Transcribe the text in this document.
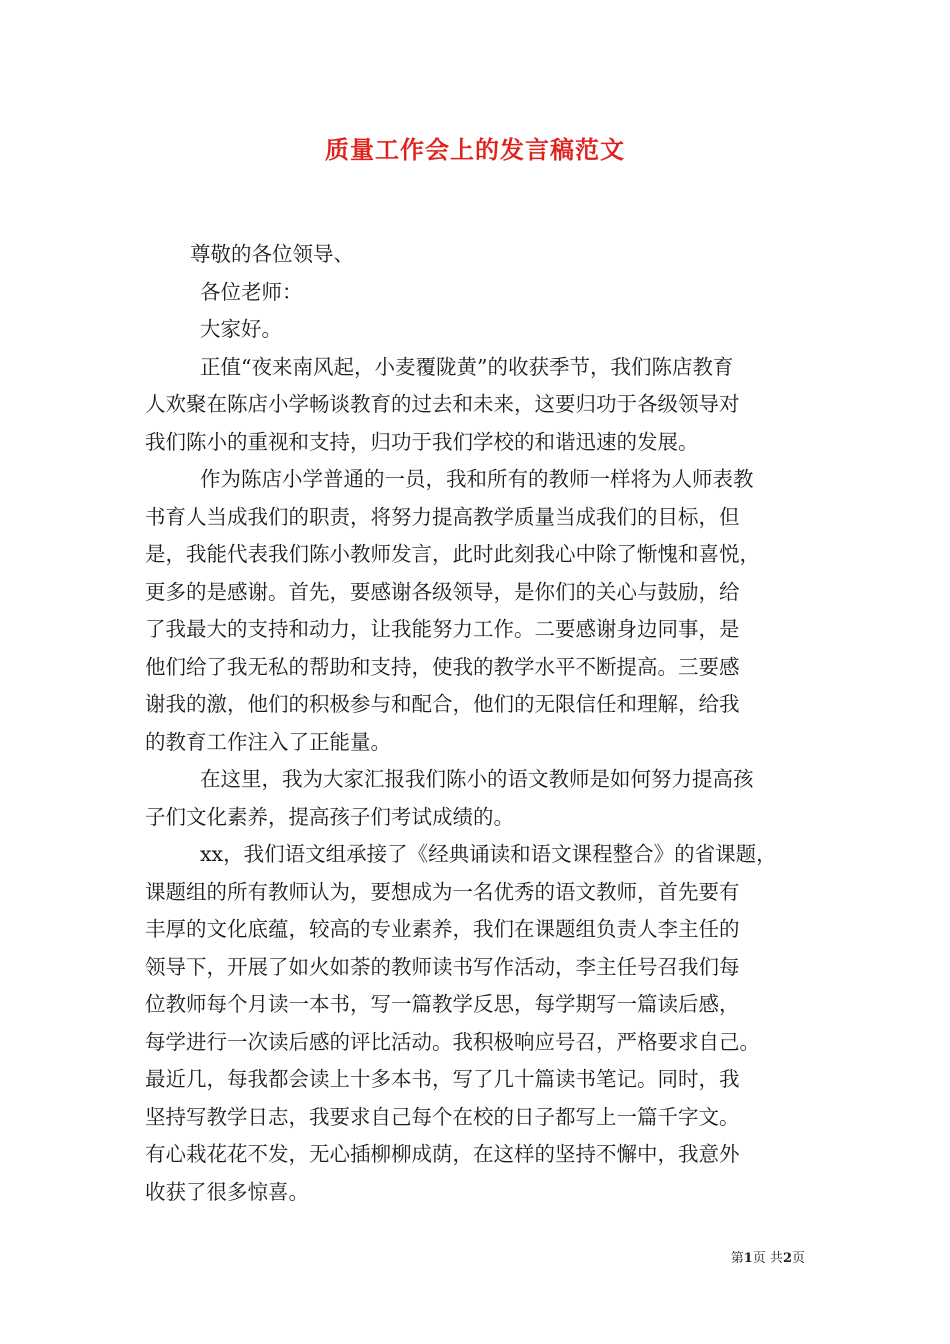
质量工作会上的发言稿范文

尊敬的各位领导、

各位老师：

大家好。

正值“夜来南风起，小麦覆陇黄”的收获季节，我们陈店教育

人欢聚在陈店小学畅谈教育的过去和未来，这要归功于各级领导对

我们陈小的重视和支持，归功于我们学校的和谐迅速的发展。

作为陈店小学普通的一员，我和所有的教师一样将为人师表教

书育人当成我们的职责，将努力提高教学质量当成我们的目标，但

是，我能代表我们陈小教师发言，此时此刻我心中除了惭愧和喜悦，

更多的是感谢。首先，要感谢各级领导，是你们的关心与鼓励，给

了我最大的支持和动力，让我能努力工作。二要感谢身边同事，是

他们给了我无私的帮助和支持，使我的教学水平不断提高。三要感

谢我的激，他们的积极参与和配合，他们的无限信任和理解，给我

的教育工作注入了正能量。

在这里，我为大家汇报我们陈小的语文教师是如何努力提高孩

子们文化素养，提高孩子们考试成绩的。

xx，我们语文组承接了《经典诵读和语文课程整合》的省课题，

课题组的所有教师认为，要想成为一名优秀的语文教师，首先要有

丰厚的文化底蕴，较高的专业素养，我们在课题组负责人李主任的

领导下，开展了如火如荼的教师读书写作活动，李主任号召我们每

位教师每个月读一本书，写一篇教学反思，每学期写一篇读后感，

每学进行一次读后感的评比活动。我积极响应号召，严格要求自己。

最近几，每我都会读上十多本书，写了几十篇读书笔记。同时，我

坚持写教学日志，我要求自己每个在校的日子都写上一篇千字文。

有心栽花花不发，无心插柳柳成荫，在这样的坚持不懈中，我意外

收获了很多惊喜。

第1页 共2页
